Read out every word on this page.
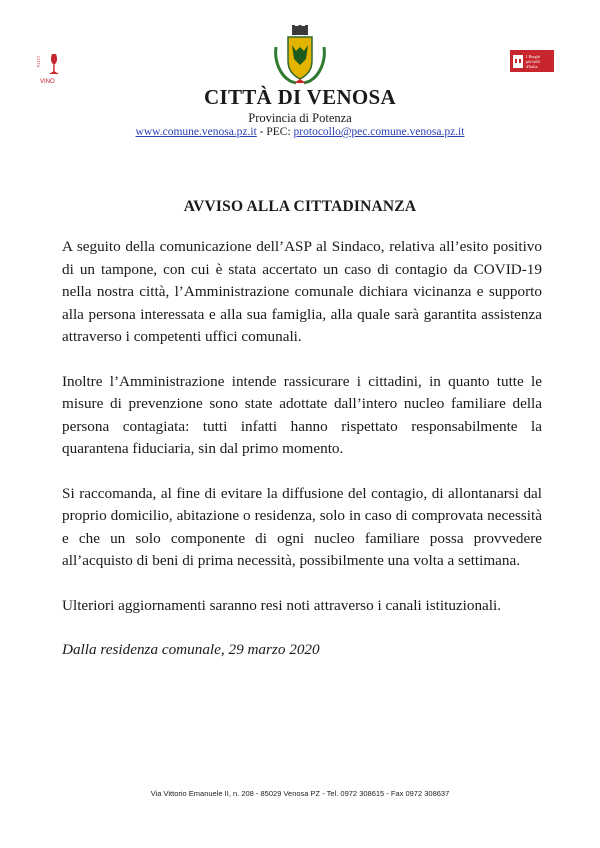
VINO
CITTÀ	I Borghi
più belli
d'Italia
CITTÀ DI VENOSA
Provincia di Potenza
www.comune.venosa.pz.it - PEC: protocollo@pec.comune.venosa.pz.it
AVVISO ALLA CITTADINANZA

A seguito della comunicazione dell’ASP al Sindaco, relativa all’esito positivo di un tampone, con cui è stata accertato un caso di contagio da COVID-19 nella nostra città, l’Amministrazione comunale dichiara vicinanza e supporto alla persona interessata e alla sua famiglia, alla quale sarà garantita assistenza attraverso i competenti uffici comunali.

Inoltre l’Amministrazione intende rassicurare i cittadini, in quanto tutte le misure di prevenzione sono state adottate dall’intero nucleo familiare della persona contagiata: tutti infatti hanno rispettato responsabilmente la quarantena fiduciaria, sin dal primo momento.

Si raccomanda, al fine di evitare la diffusione del contagio, di allontanarsi dal proprio domicilio, abitazione o residenza, solo in caso di comprovata necessità e che un solo componente di ogni nucleo familiare possa provvedere all’acquisto di beni di prima necessità, possibilmente una volta a settimana.

Ulteriori aggiornamenti saranno resi noti attraverso i canali istituzionali.

Dalla residenza comunale, 29 marzo 2020

Via Vittorio Emanuele II, n. 208 - 85029 Venosa PZ - Tel. 0972 308615 - Fax 0972 308637
